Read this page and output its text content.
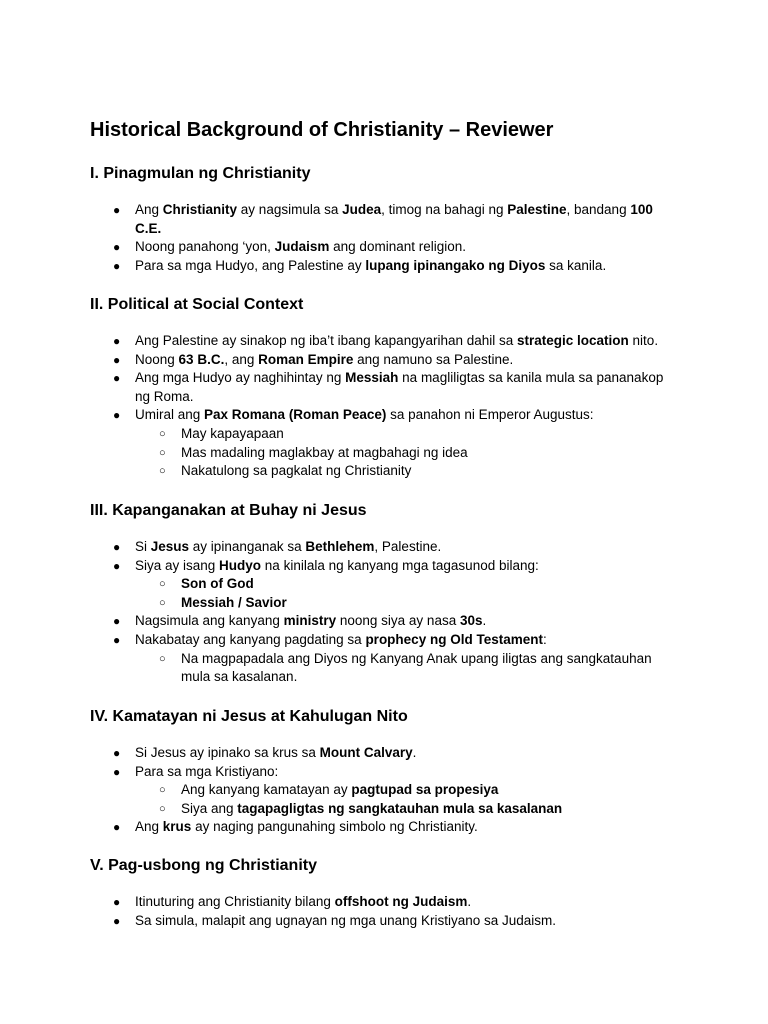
Historical Background of Christianity – Reviewer
I. Pinagmulan ng Christianity
● Ang Christianity ay nagsimula sa Judea, timog na bahagi ng Palestine, bandang 100 C.E.
● Noong panahong ‘yon, Judaism ang dominant religion.
● Para sa mga Hudyo, ang Palestine ay lupang ipinangako ng Diyos sa kanila.
II. Political at Social Context
● Ang Palestine ay sinakop ng iba’t ibang kapangyarihan dahil sa strategic location nito.
● Noong 63 B.C., ang Roman Empire ang namuno sa Palestine.
● Ang mga Hudyo ay naghihintay ng Messiah na magliligtas sa kanila mula sa pananakop ng Roma.
● Umiral ang Pax Romana (Roman Peace) sa panahon ni Emperor Augustus:
○ May kapayapaan
○ Mas madaling maglakbay at magbahagi ng idea
○ Nakatulong sa pagkalat ng Christianity
III. Kapanganakan at Buhay ni Jesus
● Si Jesus ay ipinanganak sa Bethlehem, Palestine.
● Siya ay isang Hudyo na kinilala ng kanyang mga tagasunod bilang:
○ Son of God
○ Messiah / Savior
● Nagsimula ang kanyang ministry noong siya ay nasa 30s.
● Nakabatay ang kanyang pagdating sa prophecy ng Old Testament:
○ Na magpapadala ang Diyos ng Kanyang Anak upang iligtas ang sangkatauhan mula sa kasalanan.
IV. Kamatayan ni Jesus at Kahulugan Nito
● Si Jesus ay ipinako sa krus sa Mount Calvary.
● Para sa mga Kristiyano:
○ Ang kanyang kamatayan ay pagtupad sa propesiya
○ Siya ang tagapagligtas ng sangkatauhan mula sa kasalanan
● Ang krus ay naging pangunahing simbolo ng Christianity.
V. Pag-usbong ng Christianity
● Itinuturing ang Christianity bilang offshoot ng Judaism.
● Sa simula, malapit ang ugnayan ng mga unang Kristiyano sa Judaism.
